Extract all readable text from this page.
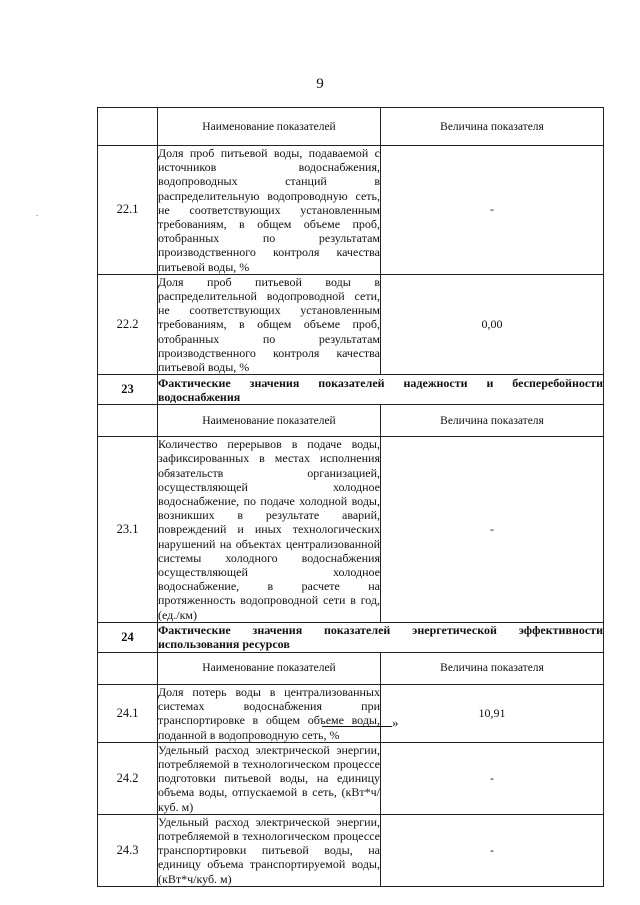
.
9
	Наименование показателей	Величина показателя
22.1	Доля проб питьевой воды, подаваемой с источников водоснабжения, водопроводных станций в распределительную водопроводную сеть, не соответствующих установленным требованиям, в общем объеме проб, отобранных по результатам производственного контроля качества питьевой воды, %	-
22.2	Доля проб питьевой воды в распределительной водопроводной сети, не соответствующих установленным требованиям, в общем объеме проб, отобранных по результатам производственного контроля качества питьевой воды, %	0,00
23	Фактические значения показателей надежности и бесперебойности водоснабжения	
	Наименование показателей	Величина показателя
23.1	Количество перерывов в подаче воды, зафиксированных в местах исполнения обязательств организацией, осуществляющей холодное водоснабжение, по подаче холодной воды, возникших в результате аварий, повреждений и иных технологических нарушений на объектах централизованной системы холодного водоснабжения осуществляющей холодное водоснабжение, в расчете на протяженность водопроводной сети в год, (ед./км)	-
24	Фактические значения показателей энергетической эффективности использования ресурсов	
	Наименование показателей	Величина показателя
24.1	Доля потерь воды в централизованных системах водоснабжения при транспортировке в общем объеме воды, поданной в водопроводную сеть, %	10,91
24.2	Удельный расход электрической энергии, потребляемой в технологическом процессе подготовки питьевой воды, на единицу объема воды, отпускаемой в сеть, (кВт*ч/куб. м)	-
24.3	Удельный расход электрической энергии, потребляемой в технологическом процессе транспортировки питьевой воды, на единицу объема транспортируемой воды, (кВт*ч/куб. м)	-
»
